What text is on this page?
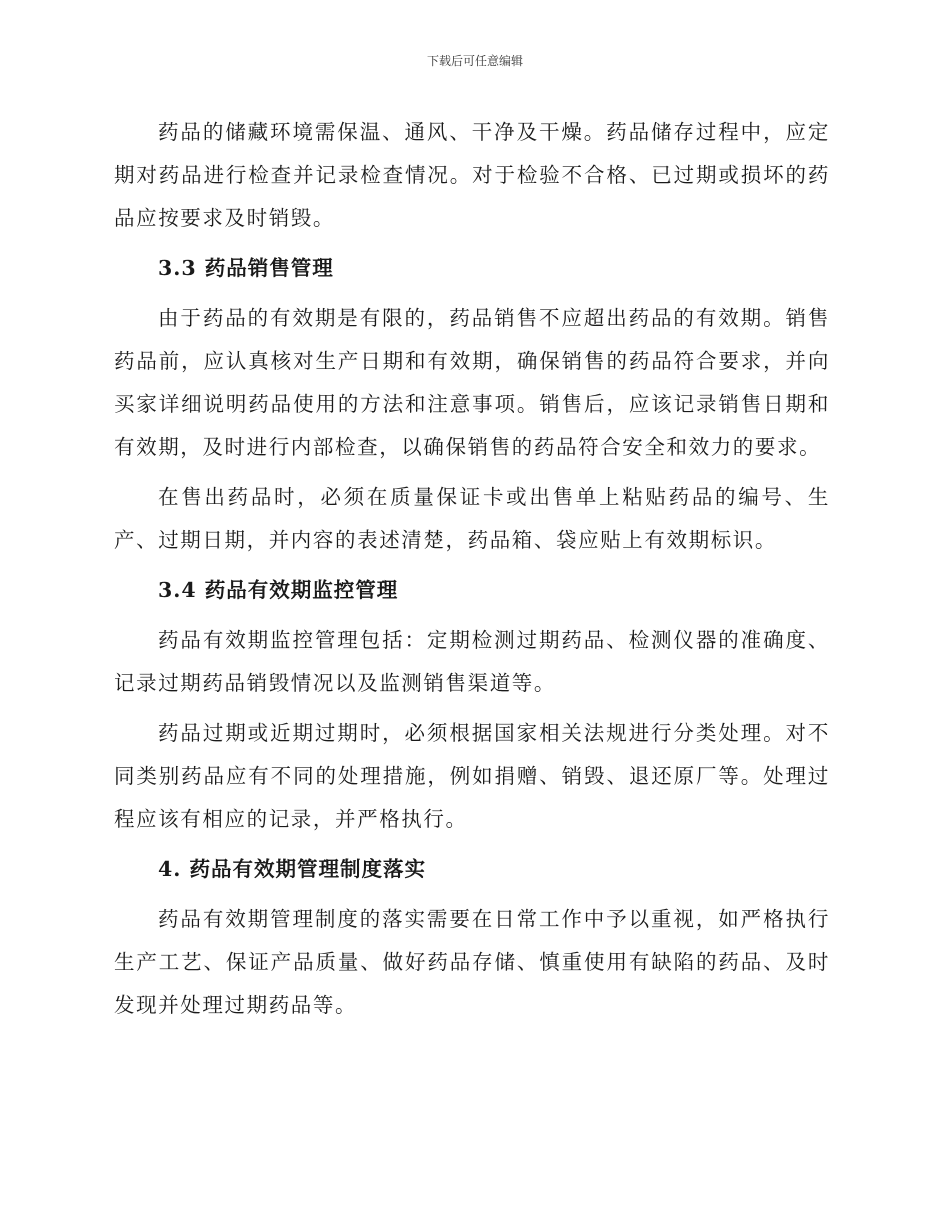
下载后可任意编辑

药品的储藏环境需保温、通风、干净及干燥。药品储存过程中，应定期对药品进行检查并记录检查情况。对于检验不合格、已过期或损坏的药品应按要求及时销毁。

3.3 药品销售管理

由于药品的有效期是有限的，药品销售不应超出药品的有效期。销售药品前，应认真核对生产日期和有效期，确保销售的药品符合要求，并向买家详细说明药品使用的方法和注意事项。销售后，应该记录销售日期和有效期，及时进行内部检查，以确保销售的药品符合安全和效力的要求。

在售出药品时，必须在质量保证卡或出售单上粘贴药品的编号、生产、过期日期，并内容的表述清楚，药品箱、袋应贴上有效期标识。

3.4 药品有效期监控管理

药品有效期监控管理包括：定期检测过期药品、检测仪器的准确度、记录过期药品销毁情况以及监测销售渠道等。

药品过期或近期过期时，必须根据国家相关法规进行分类处理。对不同类别药品应有不同的处理措施，例如捐赠、销毁、退还原厂等。处理过程应该有相应的记录，并严格执行。

4. 药品有效期管理制度落实

药品有效期管理制度的落实需要在日常工作中予以重视，如严格执行生产工艺、保证产品质量、做好药品存储、慎重使用有缺陷的药品、及时发现并处理过期药品等。
